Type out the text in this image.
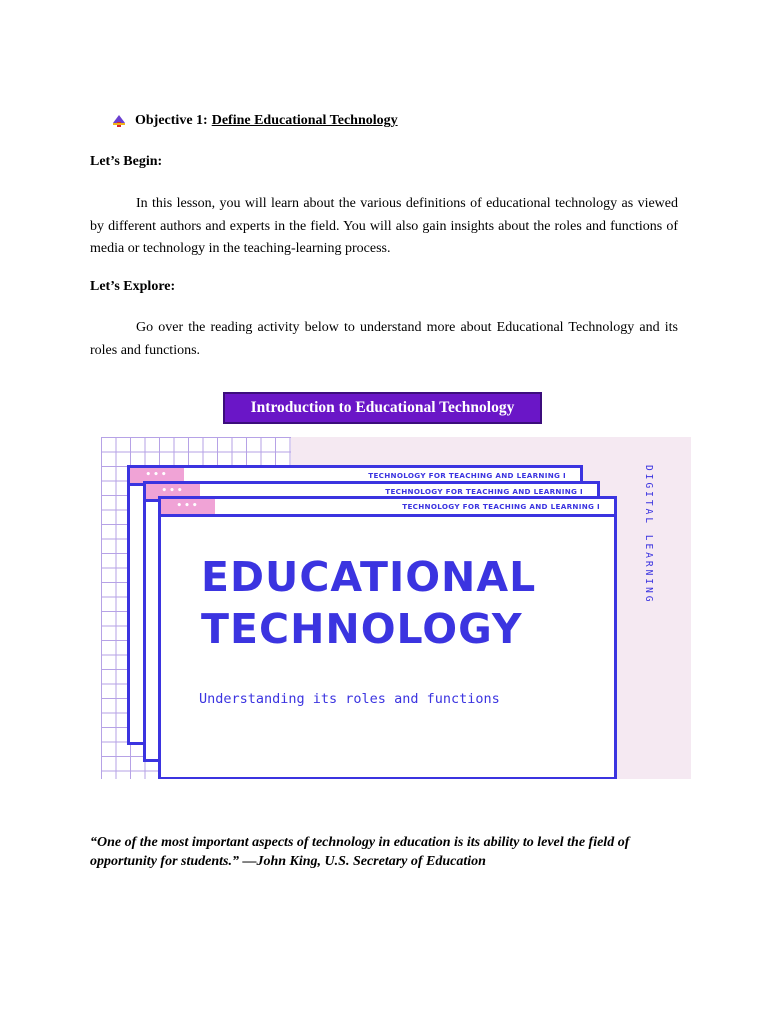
Objective 1: Define Educational Technology
Let’s Begin:

In this lesson, you will learn about the various definitions of educational technology as viewed by different authors and experts in the field. You will also gain insights about the roles and functions of media or technology in the teaching-learning process.

Let’s Explore:

Go over the reading activity below to understand more about Educational Technology and its roles and functions.

Introduction to Educational Technology
•••	TECHNOLOGY FOR TEACHING AND LEARNING I
•••	TECHNOLOGY FOR TEACHING AND LEARNING I
•••	TECHNOLOGY FOR TEACHING AND LEARNING I
EDUCATIONAL
TECHNOLOGY
Understanding its roles and functions
DIGITAL LEARNING

“One of the most important aspects of technology in education is its ability to level the field of opportunity for students.” —John King, U.S. Secretary of Education
